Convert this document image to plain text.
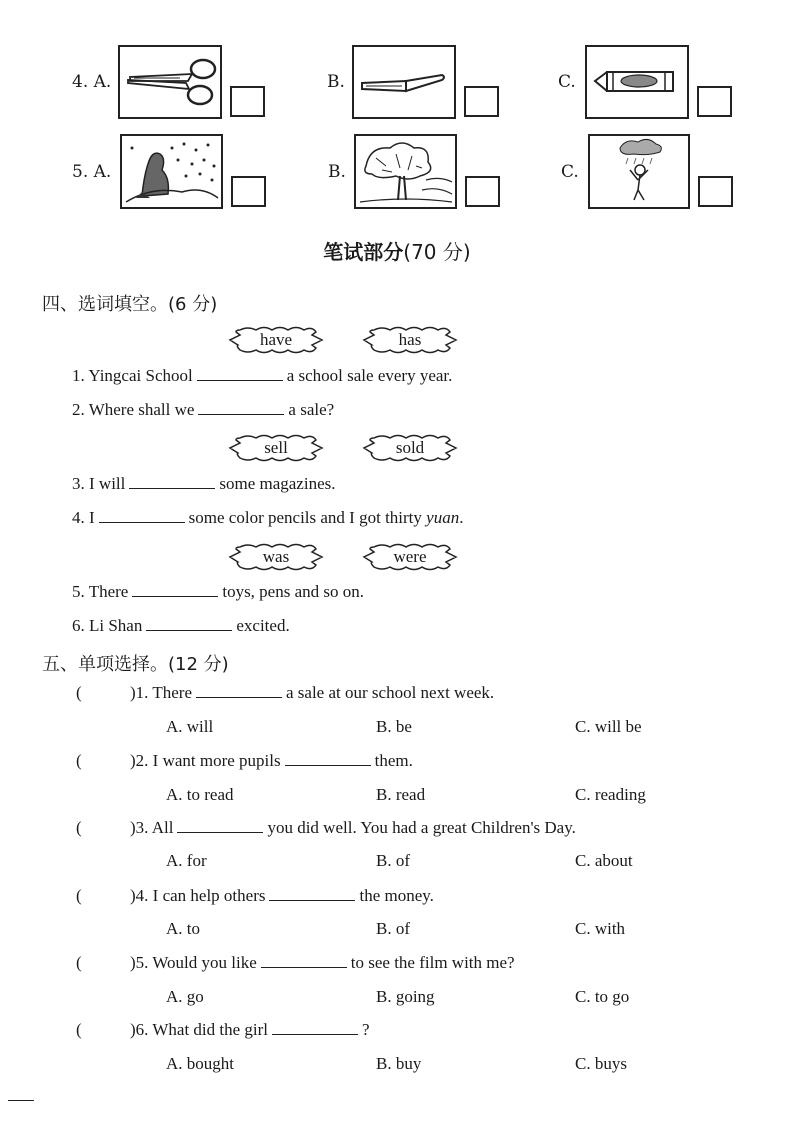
4. A.	B.	C.
5. A.	B.	C.
笔试部分(70 分)
四、选词填空。(6 分)
have	has
1. Yingcai School	a school sale every year.
2. Where shall we	a sale?
sell	sold
3. I will	some magazines.
4. I	some color pencils and I got thirty yuan.
was	were
5. There	toys, pens and so on.
6. Li Shan	excited.
五、单项选择。(12 分)
(	)1. There	a sale at our school next week.
A. will	B. be	C. will be
(	)2. I want more pupils	them.
A. to read	B. read	C. reading
(	)3. All	you did well. You had a great Children's Day.
A. for	B. of	C. about
(	)4. I can help others	the money.
A. to	B. of	C. with
(	)5. Would you like	to see the film with me?
A. go	B. going	C. to go
(	)6. What did the girl	?
A. bought	B. buy	C. buys
